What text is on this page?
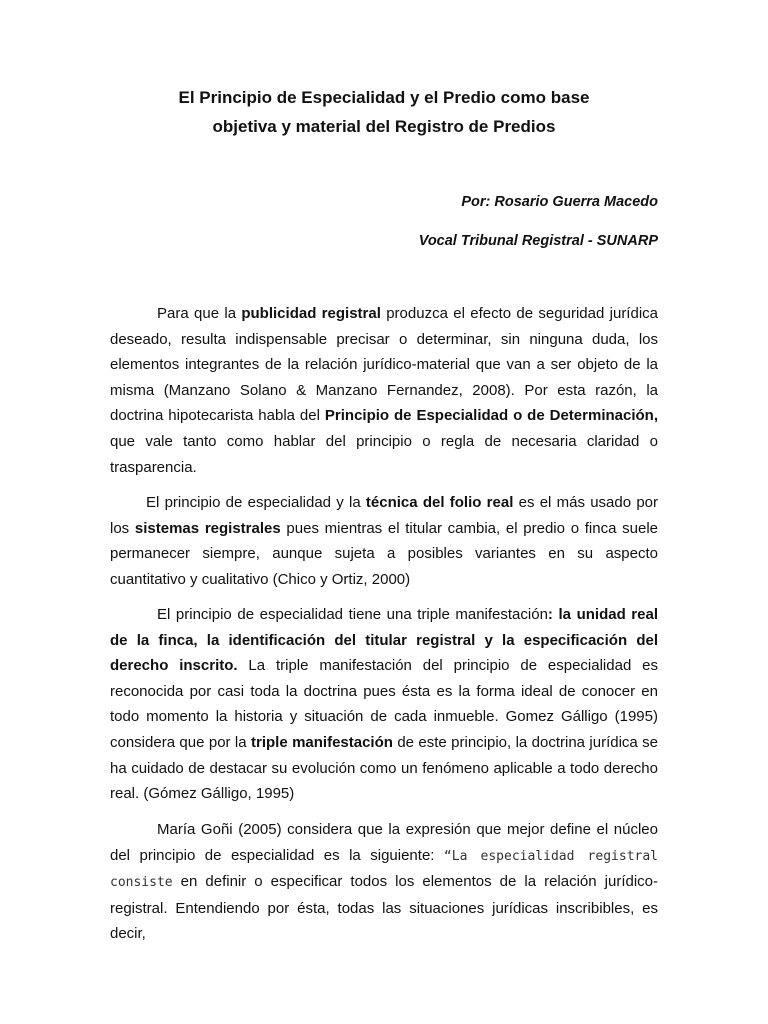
El Principio de Especialidad y el Predio como base

objetiva y material del Registro de Predios

Por: Rosario Guerra Macedo

Vocal Tribunal Registral - SUNARP

Para que la publicidad registral produzca el efecto de seguridad jurídica deseado, resulta indispensable precisar o determinar, sin ninguna duda, los elementos integrantes de la relación jurídico-material que van a ser objeto de la misma (Manzano Solano & Manzano Fernandez, 2008). Por esta razón, la doctrina hipotecarista habla del Principio de Especialidad o de Determinación, que vale tanto como hablar del principio o regla de necesaria claridad o trasparencia.

El principio de especialidad y la técnica del folio real es el más usado por los sistemas registrales pues mientras el titular cambia, el predio o finca suele permanecer siempre, aunque sujeta a posibles variantes en su aspecto cuantitativo y cualitativo (Chico y Ortiz, 2000)

El principio de especialidad tiene una triple manifestación: la unidad real de la finca, la identificación del titular registral y la especificación del derecho inscrito. La triple manifestación del principio de especialidad es reconocida por casi toda la doctrina pues ésta es la forma ideal de conocer en todo momento la historia y situación de cada inmueble. Gomez Gálligo (1995) considera que por la triple manifestación de este principio, la doctrina jurídica se ha cuidado de destacar su evolución como un fenómeno aplicable a todo derecho real. (Gómez Gálligo, 1995)

María Goñi (2005) considera que la expresión que mejor define el núcleo del principio de especialidad es la siguiente: “La especialidad registral consiste en definir o especificar todos los elementos de la relación jurídico-registral. Entendiendo por ésta, todas las situaciones jurídicas inscribibles, es decir,
